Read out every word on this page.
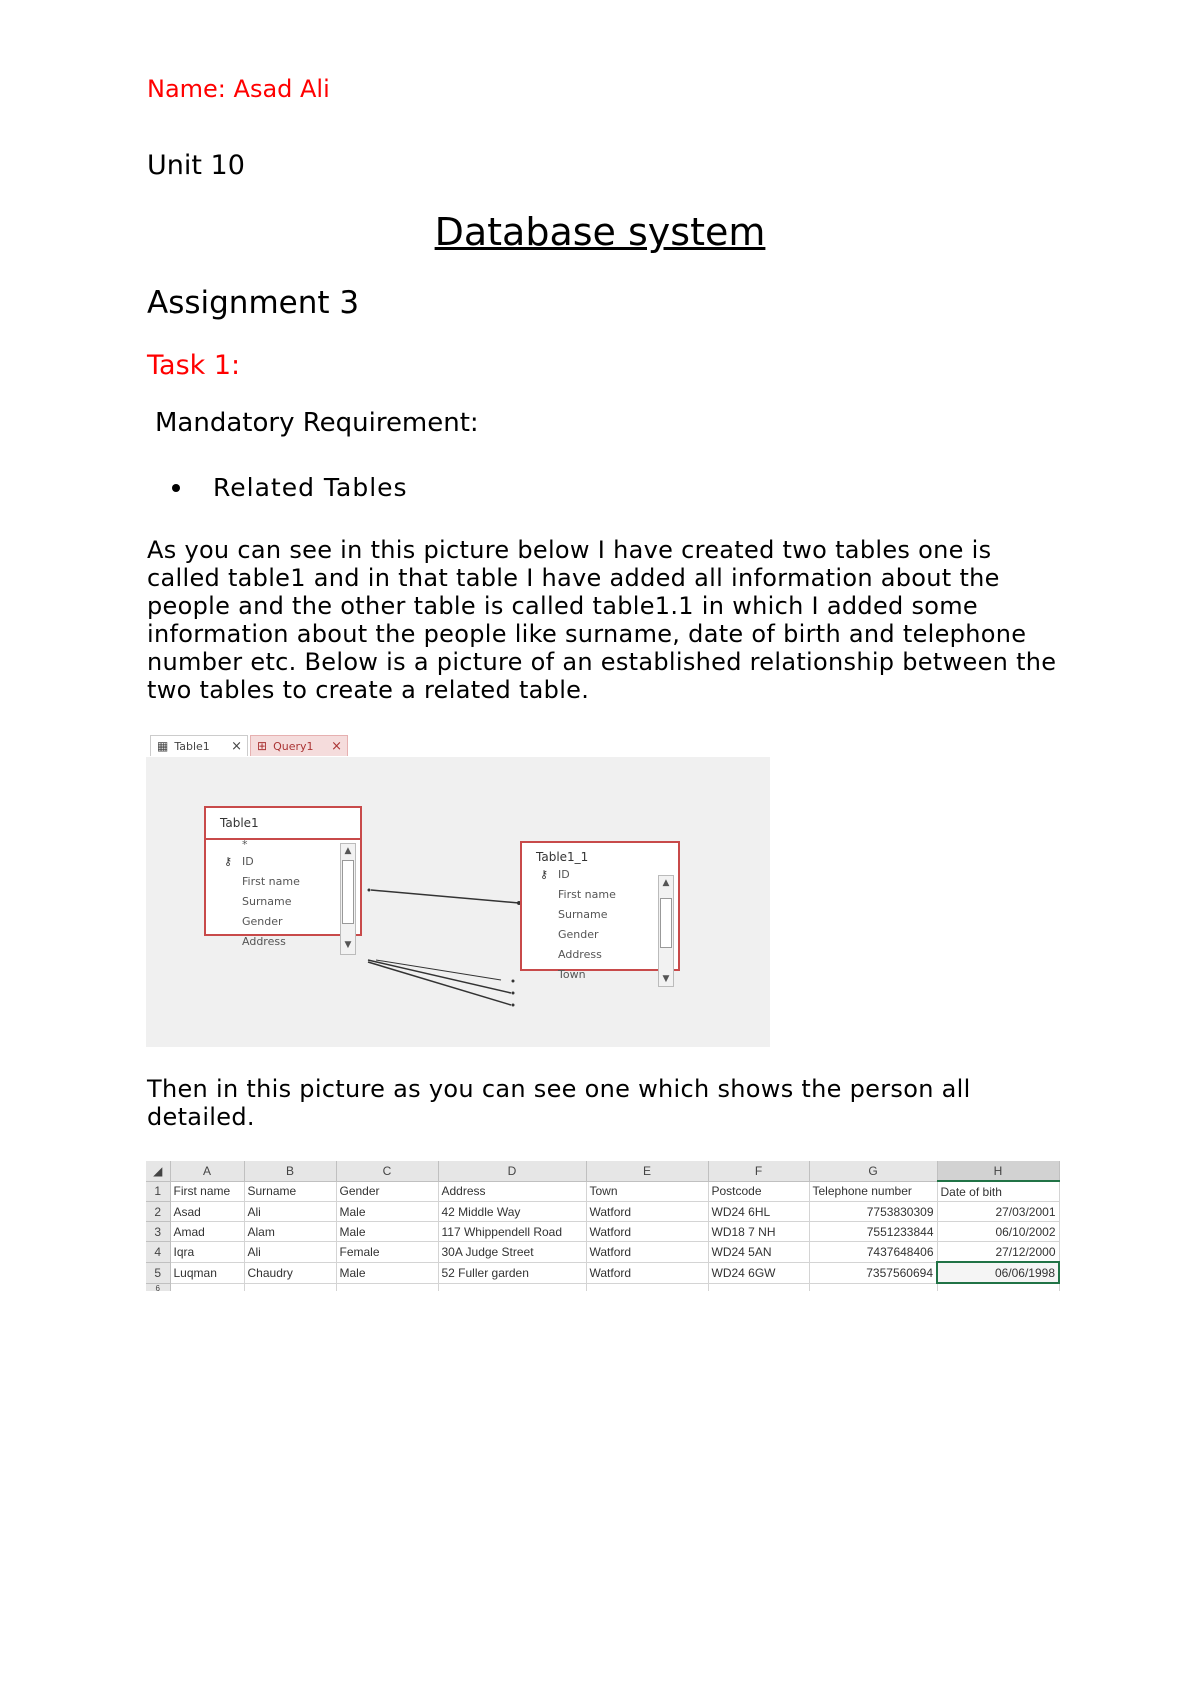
Name: Asad Ali
Unit 10
Database system
Assignment 3
Task 1:
Mandatory Requirement:
Related Tables
As you can see in this picture below I have created two tables one is
called table1 and in that table I have added all information about the
people and the other table is called table1.1 in which I added some
information about the people like surname, date of birth and telephone
number etc. Below is a picture of an established relationship between the
two tables to create a related table.
▦ Table1 × ⊞ Query1 ×
Table1
*
⚷ ID
First name
Surname
Gender
Address
▲
▼
Table1_1
⚷ ID
First name
Surname
Gender
Address
Town
▲
▼
Then in this picture as you can see one which shows the person all
detailed.
◢	A	B	C	D	E	F	G	H
1	First name	Surname	Gender	Address	Town	Postcode	Telephone number	Date of bith
2	Asad	Ali	Male	42 Middle Way	Watford	WD24 6HL	7753830309	27/03/2001
3	Amad	Alam	Male	117 Whippendell Road	Watford	WD18 7 NH	7551233844	06/10/2002
4	Iqra	Ali	Female	30A Judge Street	Watford	WD24 5AN	7437648406	27/12/2000
5	Luqman	Chaudry	Male	52 Fuller garden	Watford	WD24 6GW	7357560694	06/06/1998
6								
